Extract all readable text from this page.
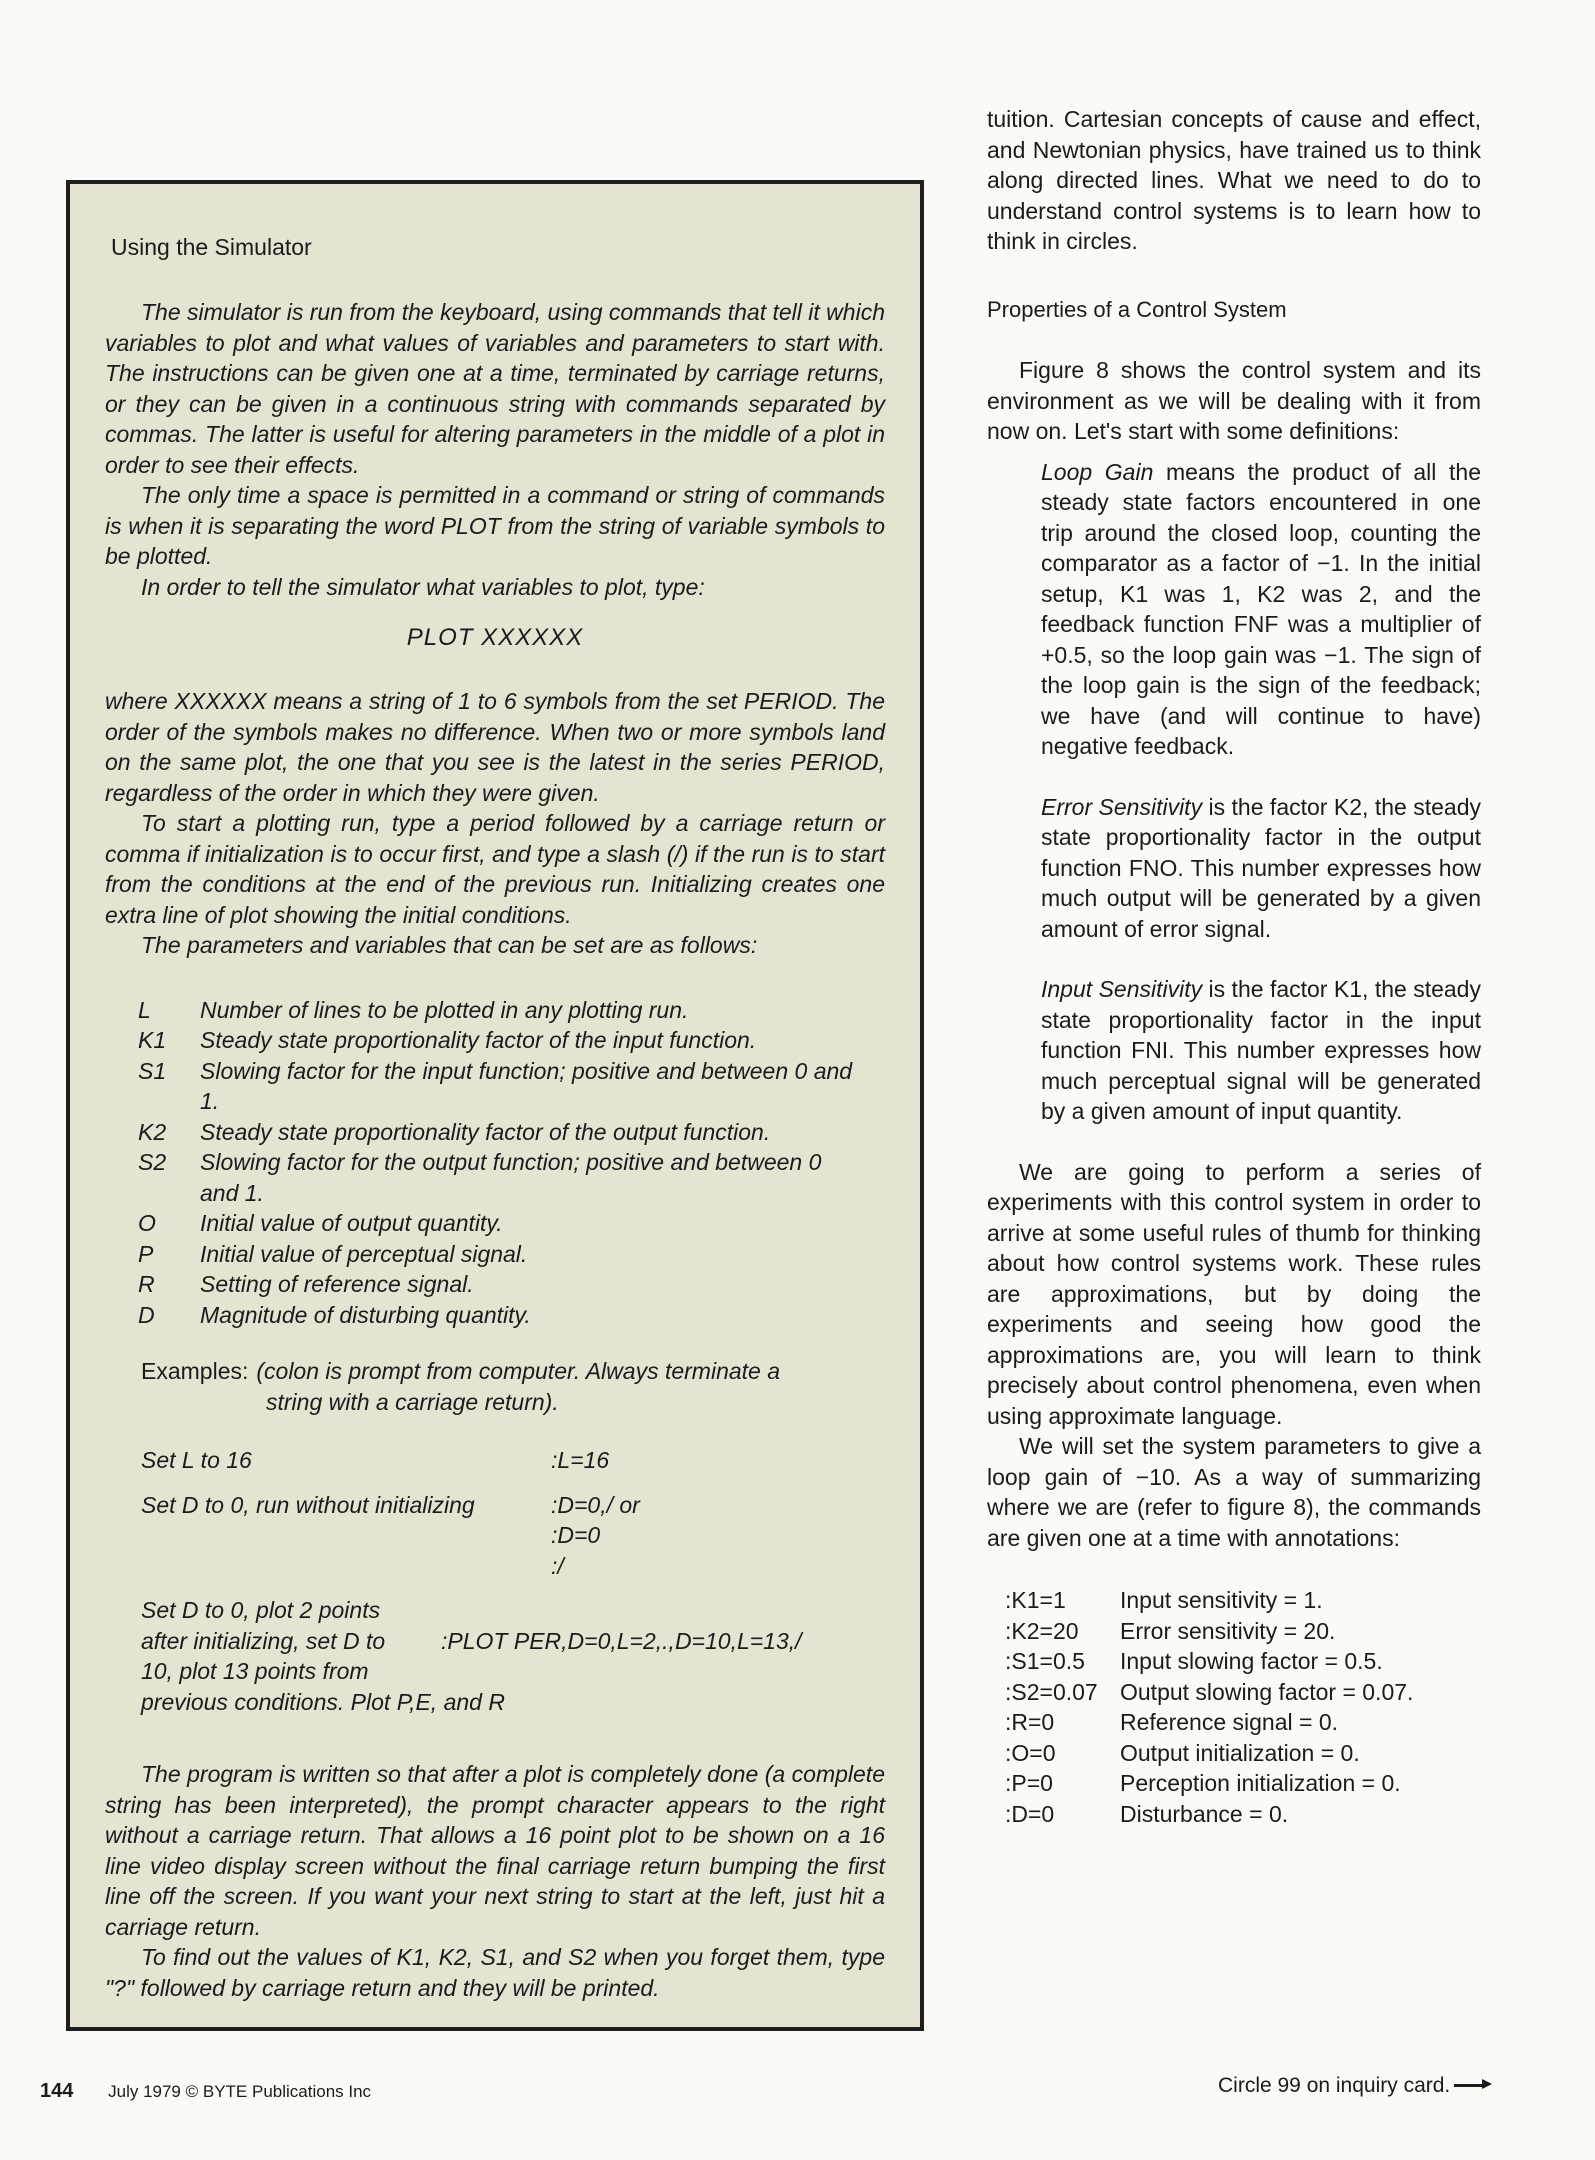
Using the Simulator

The simulator is run from the keyboard, using commands that tell it which variables to plot and what values of variables and parameters to start with. The instructions can be given one at a time, terminated by carriage returns, or they can be given in a continuous string with commands separated by commas. The latter is useful for altering parameters in the middle of a plot in order to see their effects.

The only time a space is permitted in a command or string of commands is when it is separating the word PLOT from the string of variable symbols to be plotted.

In order to tell the simulator what variables to plot, type:

PLOT XXXXXX

where XXXXXX means a string of 1 to 6 symbols from the set PERIOD. The order of the symbols makes no difference. When two or more symbols land on the same plot, the one that you see is the latest in the series PERIOD, regardless of the order in which they were given.

To start a plotting run, type a period followed by a carriage return or comma if initialization is to occur first, and type a slash (/) if the run is to start from the conditions at the end of the previous run. Initializing creates one extra line of plot showing the initial conditions.

The parameters and variables that can be set are as follows:

L	Number of lines to be plotted in any plotting run.
K1	Steady state proportionality factor of the input function.
S1	Slowing factor for the input function; positive and between 0 and 1.
K2	Steady state proportionality factor of the output function.
S2	Slowing factor for the output function; positive and between 0 and 1.
O	Initial value of output quantity.
P	Initial value of perceptual signal.
R	Setting of reference signal.
D	Magnitude of disturbing quantity.
Examples: (colon is prompt from computer. Always terminate a
string with a carriage return).
Set L to 16	:L=16
Set D to 0, run without initializing	:D=0,/ or
:D=0
:/
Set D to 0, plot 2 points
after initializing, set D to	:PLOT PER,D=0,L=2,.,D=10,L=13,/
10, plot 13 points from
previous conditions. Plot P,E, and R

The program is written so that after a plot is completely done (a complete string has been interpreted), the prompt character appears to the right without a carriage return. That allows a 16 point plot to be shown on a 16 line video display screen without the final carriage return bumping the first line off the screen. If you want your next string to start at the left, just hit a carriage return.

To find out the values of K1, K2, S1, and S2 when you forget them, type "?" followed by carriage return and they will be printed.

tuition. Cartesian concepts of cause and effect, and Newtonian physics, have trained us to think along directed lines. What we need to do to understand control systems is to learn how to think in circles.

Properties of a Control System

Figure 8 shows the control system and its environment as we will be dealing with it from now on. Let's start with some definitions:

Loop Gain means the product of all the steady state factors encountered in one trip around the closed loop, counting the comparator as a factor of −1. In the initial setup, K1 was 1, K2 was 2, and the feedback function FNF was a multiplier of +0.5, so the loop gain was −1. The sign of the loop gain is the sign of the feedback; we have (and will continue to have) negative feedback.

Error Sensitivity is the factor K2, the steady state proportionality factor in the output function FNO. This number expresses how much output will be generated by a given amount of error signal.

Input Sensitivity is the factor K1, the steady state proportionality factor in the input function FNI. This number expresses how much perceptual signal will be generated by a given amount of input quantity.

We are going to perform a series of experiments with this control system in order to arrive at some useful rules of thumb for thinking about how control systems work. These rules are approximations, but by doing the experiments and seeing how good the approximations are, you will learn to think precisely about control phenomena, even when using approximate language.

We will set the system parameters to give a loop gain of −10. As a way of summarizing where we are (refer to figure 8), the commands are given one at a time with annotations:

:K1=1	Input sensitivity = 1.
:K2=20	Error sensitivity = 20.
:S1=0.5	Input slowing factor = 0.5.
:S2=0.07 Output slowing factor = 0.07.
:R=0	Reference signal = 0.
:O=0	Output initialization = 0.
:P=0	Perception initialization = 0.
:D=0	Disturbance = 0.
144 July 1979 © BYTE Publications Inc	Circle 99 on inquiry card.
